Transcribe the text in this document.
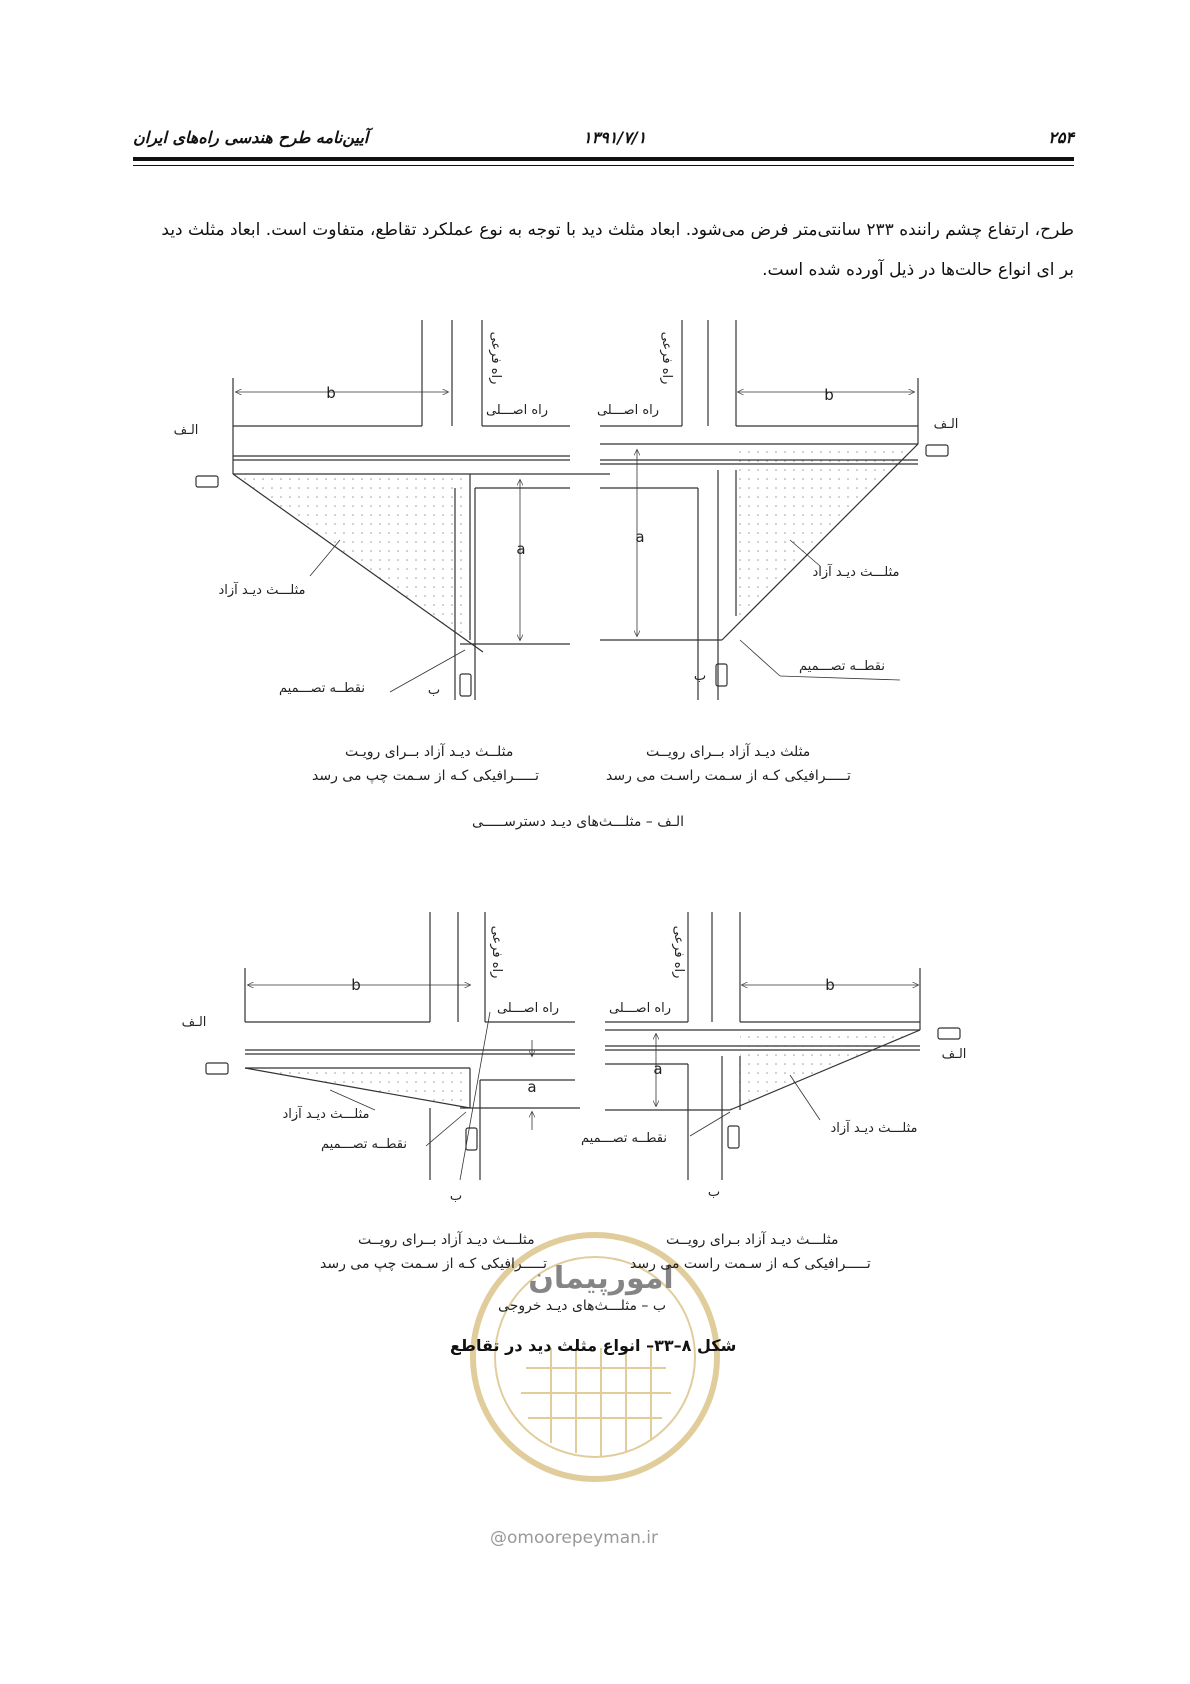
۲۵۴
۱۳۹۱/۷/۱
آیین‌نامه طرح هندسی راه‌های ایران

طرح، ارتفاع چشم راننده ۲۳۳ سانتی‌متر فرض می‌شود. ابعاد مثلث دید با توجه به نوع عملکرد تقاطع، متفاوت است. ابعاد مثلث دید

بر ای انواع حالت‌ها در ذیل آورده شده است.

b
a
b
a
b
a
b
a
الـف	الـف
الـف
الـف
ب
ب
ب	ب
راه اصـــلی	راه اصـــلی
راه اصـــلی	راه اصـــلی
راه فرعی	راه فرعی
راه فرعی	راه فرعی
مثلـــث دیـد آزاد
مثلـــث دیـد آزاد
مثلـــث دیـد آزاد
مثلـــث دیـد آزاد
نقطــه تصـــمیم
نقطــه تصـــمیم
نقطــه تصـــمیم	نقطــه تصـــمیم
مثلــث دیـد آزاد بــرای رویـت
تـــــرافیکی کـه از سـمت چپ می رسد
مثلث دیـد آزاد بــرای رویــت
تـــــرافیکی کـه از سـمت راسـت می رسد
الـف – مثلـــث‌های دیـد دسترســـــی
امورپیمان
مثلـــث دیـد آزاد بــرای رویــت
تـــــرافیکی کـه از سـمت چپ می رسد
مثلـــث دیـد آزاد بـرای رویــت
تـــــرافیکی کـه از سـمت راست می رسد
ب – مثلـــث‌های دیـد خروجی
شکل ۸–۳۳– انواع مثلث دید در تقاطع
@omoorepeyman.ir
